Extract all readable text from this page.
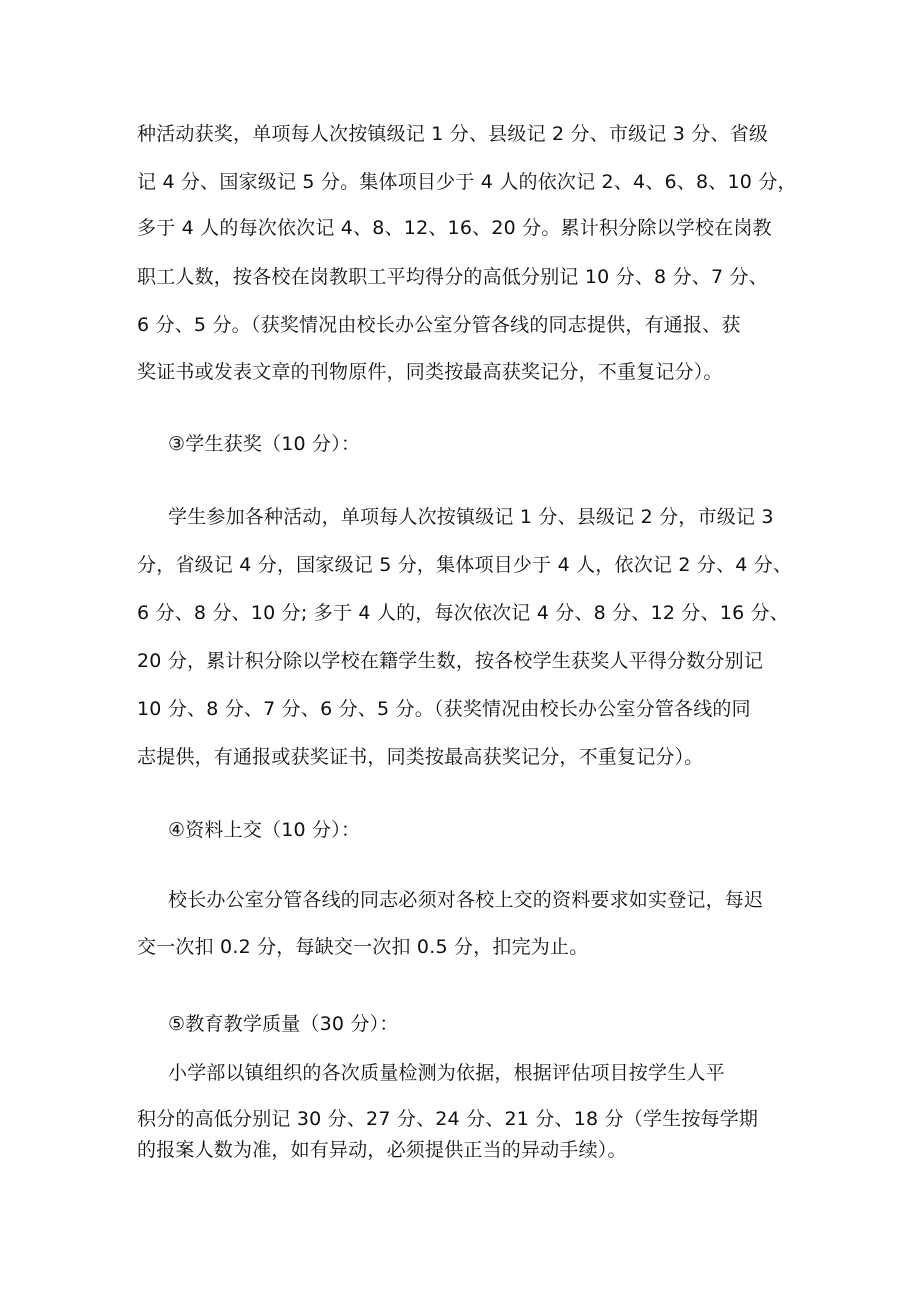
种活动获奖，单项每人次按镇级记 1 分、县级记 2 分、市级记 3 分、省级
记 4 分、国家级记 5 分。集体项目少于 4 人的依次记 2、4、6、8、10 分，
多于 4 人的每次依次记 4、8、12、16、20 分。累计积分除以学校在岗教
职工人数，按各校在岗教职工平均得分的高低分别记 10 分、8 分、7 分、
6 分、5 分。（获奖情况由校长办公室分管各线的同志提供，有通报、获
奖证书或发表文章的刊物原件，同类按最高获奖记分，不重复记分）。
③学生获奖（10 分）：
学生参加各种活动，单项每人次按镇级记 1 分、县级记 2 分，市级记 3
分，省级记 4 分，国家级记 5 分，集体项目少于 4 人，依次记 2 分、4 分、
6 分、8 分、10 分; 多于 4 人的，每次依次记 4 分、8 分、12 分、16 分、
20 分，累计积分除以学校在籍学生数，按各校学生获奖人平得分数分别记
10 分、8 分、7 分、6 分、5 分。（获奖情况由校长办公室分管各线的同
志提供，有通报或获奖证书，同类按最高获奖记分，不重复记分）。
④资料上交（10 分）：
校长办公室分管各线的同志必须对各校上交的资料要求如实登记，每迟
交一次扣 0.2 分，每缺交一次扣 0.5 分，扣完为止。
⑤教育教学质量（30 分）：
小学部以镇组织的各次质量检测为依据，根据评估项目按学生人平
积分的高低分别记 30 分、27 分、24 分、21 分、18 分（学生按每学期
的报案人数为准，如有异动，必须提供正当的异动手续）。
